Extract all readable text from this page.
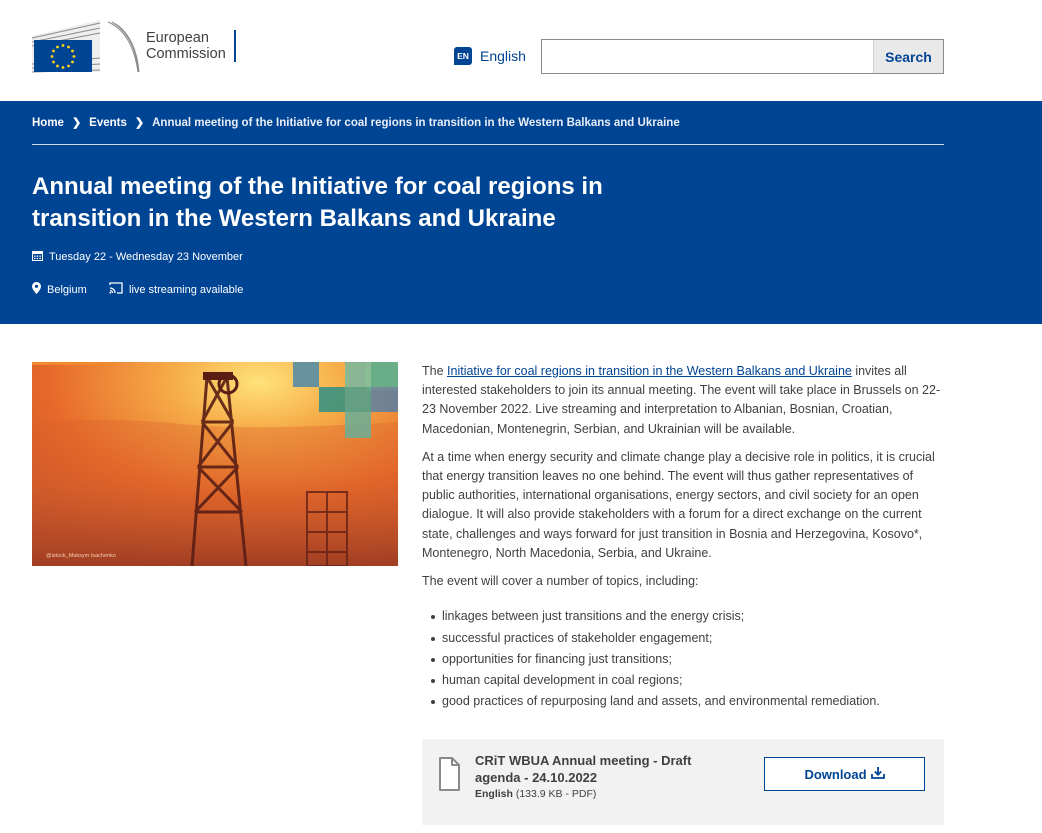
European
Commission	EN English	Search
Home ❯ Events ❯ Annual meeting of the Initiative for coal regions in transition in the Western Balkans and Ukraine
Annual meeting of the Initiative for coal regions in transition in the Western Balkans and Ukraine
Tuesday 22 - Wednesday 23 November
Belgium	live streaming available
@istock_Maksym Isachenko

The Initiative for coal regions in transition in the Western Balkans and Ukraine invites all interested stakeholders to join its annual meeting. The event will take place in Brussels on 22-23 November 2022. Live streaming and interpretation to Albanian, Bosnian, Croatian, Macedonian, Montenegrin, Serbian, and Ukrainian will be available.

At a time when energy security and climate change play a decisive role in politics, it is crucial that energy transition leaves no one behind. The event will thus gather representatives of public authorities, international organisations, energy sectors, and civil society for an open dialogue. It will also provide stakeholders with a forum for a direct exchange on the current state, challenges and ways forward for just transition in Bosnia and Herzegovina, Kosovo*, Montenegro, North Macedonia, Serbia, and Ukraine.

The event will cover a number of topics, including:

linkages between just transitions and the energy crisis;
successful practices of stakeholder engagement;
opportunities for financing just transitions;
human capital development in coal regions;
good practices of repurposing land and assets, and environmental remediation.
CRiT WBUA Annual meeting - Draft agenda - 24.10.2022
English (133.9 KB - PDF)
Download
